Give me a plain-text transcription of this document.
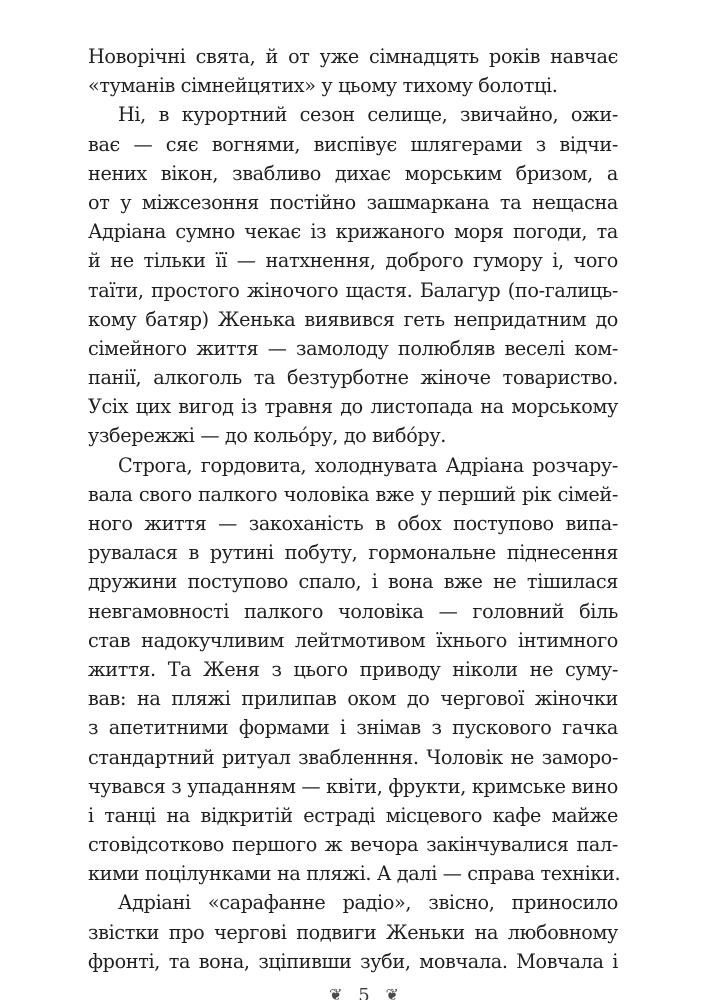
Новорічні свята, й от уже сімнадцять років навчає
«туманів сімнейцятих» у цьому тихому болотці.
Ні, в курортний сезон селище, звичайно, ожи-
ває — сяє вогнями, виспівує шлягерами з відчи-
нених вікон, звабливо дихає морським бризом, а
от у міжсезоння постійно зашмаркана та нещасна
Адріана сумно чекає із крижаного моря погоди, та
й не тільки її — натхнення, доброго гумору і, чого
таїти, простого жіночого щастя. Балагур (по-галиць-
кому батяр) Женька виявився геть непридатним до
сімейного життя — замолоду полюбляв веселі ком-
панії, алкоголь та безтурботне жіноче товариство.
Усіх цих вигод із травня до листопада на морському
узбережжі — до кольо́ру, до вибо́ру.
Строга, гордовита, холоднувата Адріана розчару-
вала свого палкого чоловіка вже у перший рік сімей-
ного життя — закоханість в обох поступово випа-
рувалася в рутині побуту, гормональне піднесення
дружини поступово спало, і вона вже не тішилася
невгамовності палкого чоловіка — головний біль
став надокучливим лейтмотивом їхнього інтимного
життя. Та Женя з цього приводу ніколи не суму-
вав: на пляжі прилипав оком до чергової жіночки
з апетитними формами і знімав з пускового гачка
стандартний ритуал звабленння. Чоловік не заморо-
чувався з упаданням — квіти, фрукти, кримське вино
і танці на відкритій естраді місцевого кафе майже
стовідсотково першого ж вечора закінчувалися пал-
кими поцілунками на пляжі. А далі — справа техніки.
Адріані «сарафанне радіо», звісно, приносило
звістки про чергові подвиги Женьки на любовному
фронті, та вона, зціпивши зуби, мовчала. Мовчала і
❦ 5 ❦
